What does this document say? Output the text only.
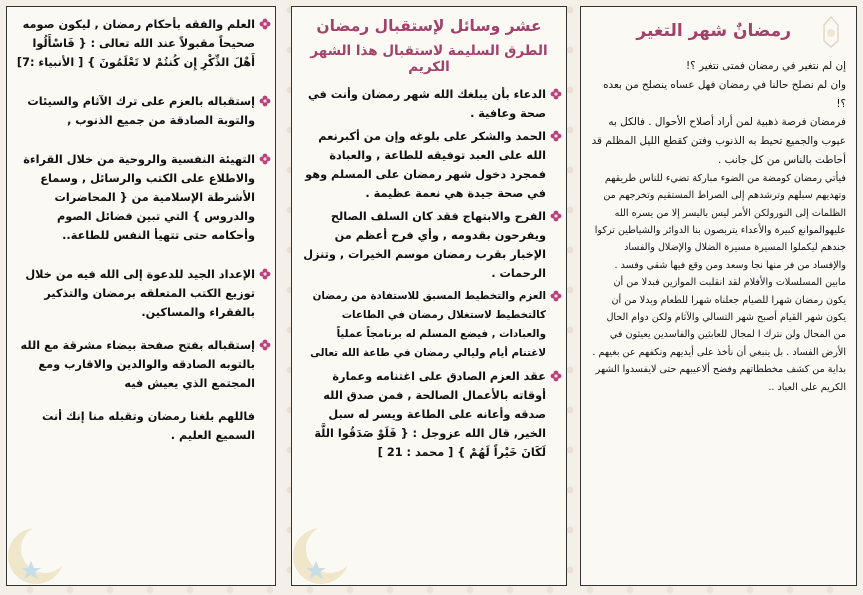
العلم والفقه بأحكام رمضان , ليكون صومه صحيحاً مقبولاً عند الله تعالى : { فَاسْأَلُوا أَهْلَ الذِّكْرِ إِن كُنتُمْ لا تَعْلَمُونَ } [ الأنبياء :7]
إستقباله بالعزم على ترك الآثام والسيئات والتوبة الصادقة من جميع الذنوب ,
التهيئة النفسية والروحية من خلال القراءة والاطلاع على الكتب والرسائل , وسماع الأشرطة الإسلامية من { المحاضرات والدروس } التي تبين فضائل الصوم وأحكامه حتى تتهيأ النفس للطاعة..
الإعداد الجيد للدعوة إلى الله فيه من خلال توزيع الكتب المتعلقه برمضان والتذكير بالفقراء والمساكين.
إستقباله بفتح صفحة بيضاء مشرقة مع الله بالتوبه الصادقه والوالدين والاقارب ومع المجتمع الذي يعيش فيه
فاللهم بلغنا رمضان وتقبله منا إنك أنت السميع العليم .
عشر وسائل لإستقبال رمضان
الطرق السليمة لاستقبال هذا الشهر الكريم
الدعاء بأن يبلغك الله شهر رمضان وأنت في صحة وعافية .
الحمد والشكر على بلوغه وإن من أكبرنعم الله على العبد توفيقه للطاعة , والعبادة فمجرد دخول شهر رمضان على المسلم وهو في صحة جيدة هي نعمة عظيمة .
الفرح والابتهاج فقد كان السلف الصالح ويفرحون بقدومه , وأي فرح أعظم من الإخبار بقرب رمضان موسم الخيرات , وتنزل الرحمات .
العزم والتخطيط المسبق للاستفادة من رمضان كالتخطيط لاستغلال رمضان في الطاعات والعبادات , فيضع المسلم له برنامجاً عملياً لاغتنام أيام وليالي رمضان في طاعة الله تعالى
عقد العزم الصادق على اغتنامه وعمارة أوقاته بالأعمال الصالحة , فمن صدق الله صدقه وأعانه على الطاعة ويسر له سبل الخير, قال الله عزوجل : { فَلَوْ صَدَقُوا اللَّهَ لَكَانَ خَيْراً لَهُمْ } [ محمد : 21 ]
رمضانٌ شهر التغير

إن لم نتغير في رمضان فمتى نتغير ؟!

وان لم نصلح حالنا في رمضان فهل عساه ينصلح من بعده ؟!

فرمضان فرصة ذهبية لمن أراد أصلاح الأحوال . فالكل به عيوب والجميع تحيط به الذنوب وفتن كقطع الليل المظلم قد أحاطت بالناس من كل جانب .

فيأتي رمضان كومضة من الضوء مباركة تضيء للناس طريقهم وتهديهم سبلهم وترشدهم إلى الصراط المستقيم وتخرجهم من الظلمات إلى النورولكن الأمر ليس باليسر إلا من يسره الله عليهوالموانع كبيرة والأعداء يتربصون بنا الدوائر والشياطين تركوا جندهم ليكملوا المسيرة مسيرة الضلال والإضلال والفساد والإفساد من فر منها نجا وسعد ومن وقع فيها شقي وفسد . مابين المسلسلات والأفلام لقد انقلبت الموازين فبدلا من أن يكون رمضان شهرا للصيام جعلناه شهرا للطعام وبدلا من أن يكون شهر القيام أصبح شهر التسالي والآثام ولكن دوام الحال من المحال ولن نترك ا لمجال للعابثين والفاسدين يعيثون في الأرض الفساد . بل ينبغي أن نأخذ على أيديهم ونكفهم عن بغيهم . بداية من كشف مخططاتهم وفضح ألاعيبهم حتى لايفسدوا الشهر الكريم على العباد ..
